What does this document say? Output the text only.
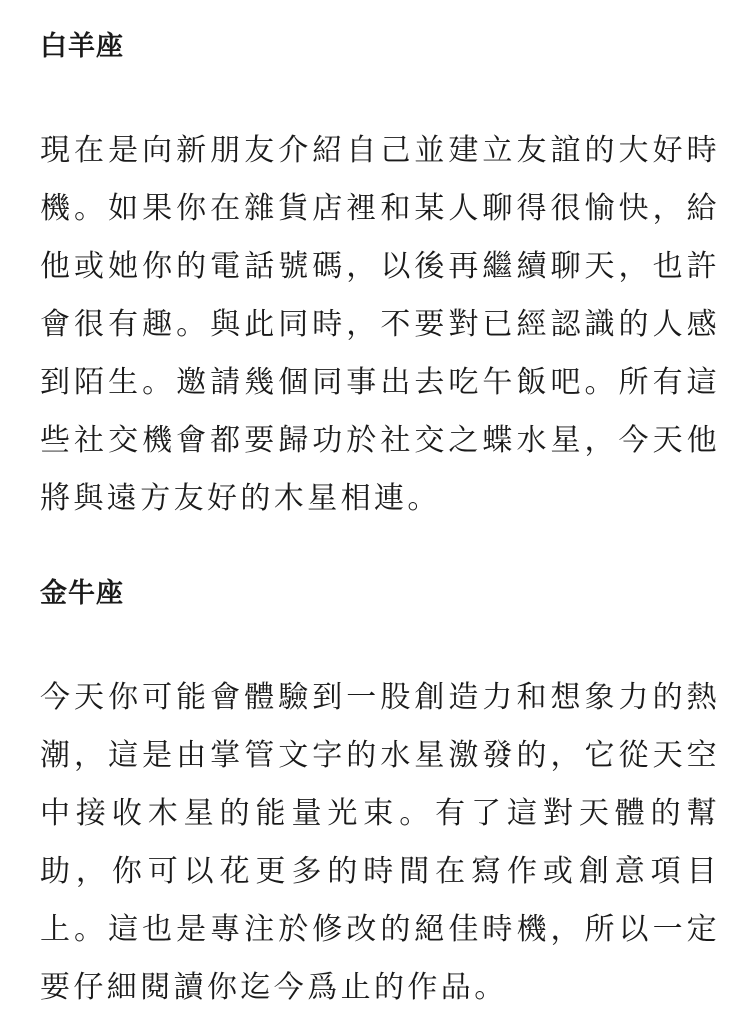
白羊座

現在是向新朋友介紹自己並建立友誼的大好時機。如果你在雜貨店裡和某人聊得很愉快，給他或她你的電話號碼，以後再繼續聊天，也許會很有趣。與此同時，不要對已經認識的人感到陌生。邀請幾個同事出去吃午飯吧。所有這些社交機會都要歸功於社交之蝶水星，今天他將與遠方友好的木星相連。

金牛座

今天你可能會體驗到一股創造力和想象力的熱潮，這是由掌管文字的水星激發的，它從天空中接收木星的能量光束。有了這對天體的幫助，你可以花更多的時間在寫作或創意項目上。這也是專注於修改的絕佳時機，所以一定要仔細閱讀你迄今爲止的作品。
